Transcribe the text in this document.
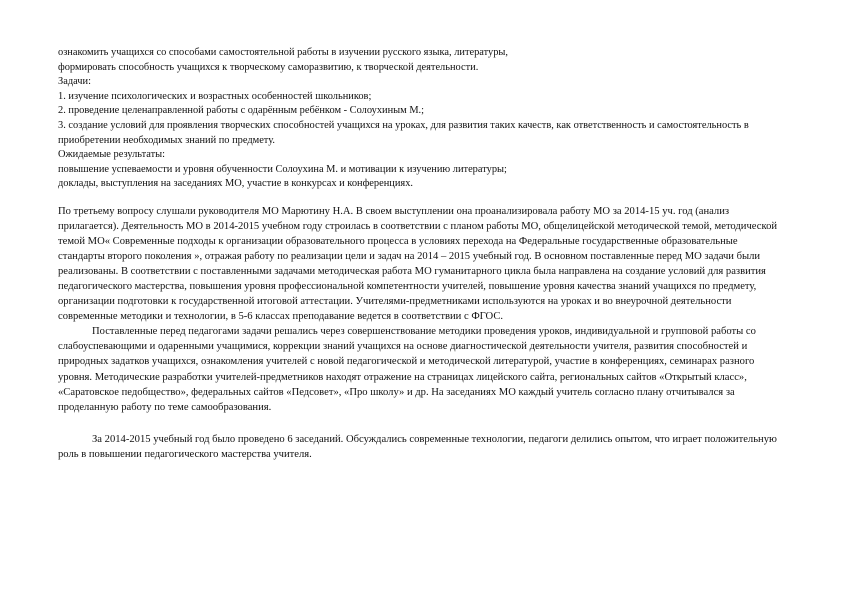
ознакомить учащихся со способами самостоятельной работы в изучении русского языка, литературы,
формировать способность учащихся к творческому саморазвитию, к творческой деятельности.
Задачи:
1. изучение психологических и возрастных особенностей школьников;
2. проведение целенаправленной работы с одарённым ребёнком - Солоухиным М.;
3. создание условий для проявления творческих способностей учащихся на уроках, для развития таких качеств, как ответственность и самостоятельность в приобретении необходимых знаний по предмету.
Ожидаемые результаты:
повышение успеваемости и уровня обученности Солоухина М. и мотивации к изучению литературы;
доклады, выступления на заседаниях МО, участие в конкурсах и конференциях.

По третьему вопросу слушали руководителя МО Марютину Н.А. В своем выступлении она проанализировала работу МО за 2014-15 уч. год (анализ прилагается). Деятельность МО в 2014-2015 учебном году строилась в соответствии с планом работы МО, общелицейской методической темой, методической темой МО« Современные подходы к организации образовательного процесса в условиях перехода на Федеральные государственные образовательные стандарты второго поколения », отражая работу по реализации цели и задач на 2014 – 2015 учебный год. В основном поставленные перед МО задачи были реализованы. В соответствии с поставленными задачами методическая работа МО гуманитарного цикла была направлена на создание условий для развития педагогического мастерства, повышения уровня профессиональной компетентности учителей, повышение уровня качества знаний учащихся по предмету, организации подготовки к государственной итоговой аттестации. Учителями-предметниками используются на уроках и во внеурочной деятельности современные методики и технологии, в 5-6 классах преподавание ведется в соответствии с ФГОС.

Поставленные перед педагогами задачи решались через совершенствование методики проведения уроков, индивидуальной и групповой работы со слабоуспевающими и одаренными учащимися, коррекции знаний учащихся на основе диагностической деятельности учителя, развития способностей и природных задатков учащихся, ознакомления учителей с новой педагогической и методической литературой, участие в конференциях, семинарах разного уровня. Методические разработки учителей-предметников находят отражение на страницах лицейского сайта, региональных сайтов «Открытый класс», «Саратовское педобщество», федеральных сайтов «Педсовет», «Про школу» и др. На заседаниях МО каждый учитель согласно плану отчитывался за проделанную работу по теме самообразования.

За 2014-2015 учебный год было проведено 6 заседаний. Обсуждались современные технологии, педагоги делились опытом, что играет положительную роль в повышении педагогического мастерства учителя.
